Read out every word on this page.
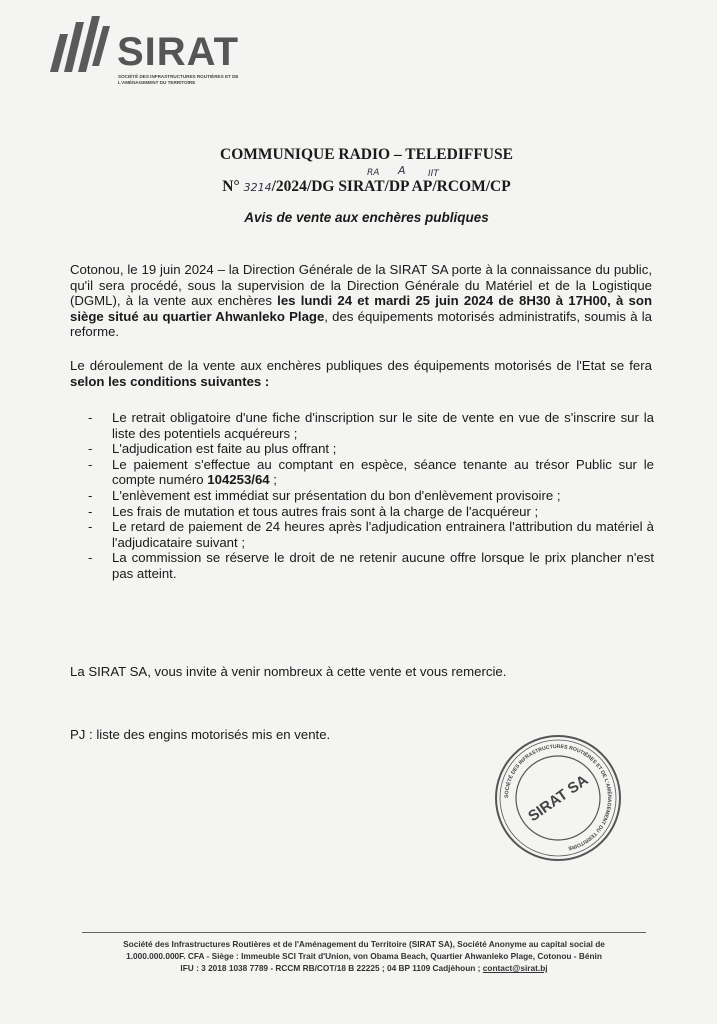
SIRAT
SOCIÉTÉ DES INFRASTRUCTURES ROUTIÈRES ET DE L'AMÉNAGEMENT DU TERRITOIRE
COMMUNIQUE RADIO – TELEDIFFUSE
RA A IIT
N° 3214/2024/DG SIRAT/DP AP/RCOM/CP
Avis de vente aux enchères publiques
Cotonou, le 19 juin 2024 – la Direction Générale de la SIRAT SA porte à la connaissance du public, qu'il sera procédé, sous la supervision de la Direction Générale du Matériel et de la Logistique (DGML), à la vente aux enchères les lundi 24 et mardi 25 juin 2024 de 8H30 à 17H00, à son siège situé au quartier Ahwanleko Plage, des équipements motorisés administratifs, soumis à la reforme.
Le déroulement de la vente aux enchères publiques des équipements motorisés de l'Etat se fera selon les conditions suivantes :
- Le retrait obligatoire d'une fiche d'inscription sur le site de vente en vue de s'inscrire sur la liste des potentiels acquéreurs ;
- L'adjudication est faite au plus offrant ;
- Le paiement s'effectue au comptant en espèce, séance tenante au trésor Public sur le compte numéro 104253/64 ;
- L'enlèvement est immédiat sur présentation du bon d'enlèvement provisoire ;
- Les frais de mutation et tous autres frais sont à la charge de l'acquéreur ;
- Le retard de paiement de 24 heures après l'adjudication entrainera l'attribution du matériel à l'adjudicataire suivant ;
- La commission se réserve le droit de ne retenir aucune offre lorsque le prix plancher n'est pas atteint.
La SIRAT SA, vous invite à venir nombreux à cette vente et vous remercie.
PJ : liste des engins motorisés mis en vente.
SOCIÉTÉ DES INFRASTRUCTURES ROUTIÈRES ET DE L'AMÉNAGEMENT DU TERRITOIRE
SIRAT SA
Société des Infrastructures Routières et de l'Aménagement du Territoire (SIRAT SA), Société Anonyme au capital social de
1.000.000.000F. CFA - Siège : Immeuble SCI Trait d'Union, von Obama Beach, Quartier Ahwanleko Plage, Cotonou - Bénin
IFU : 3 2018 1038 7789 - RCCM RB/COT/18 B 22225 ; 04 BP 1109 Cadjèhoun ; contact@sirat.bj
